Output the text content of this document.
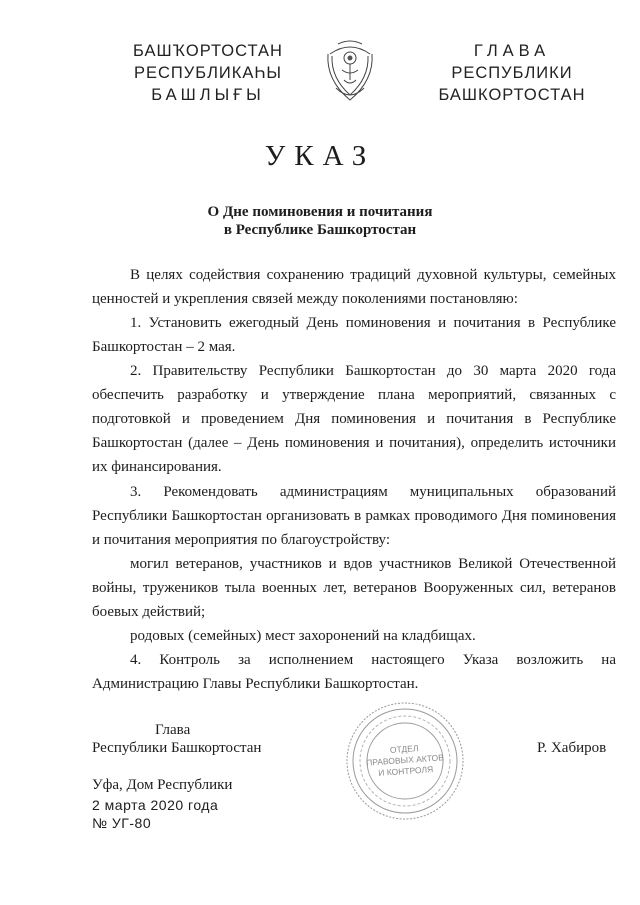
БАШҠОРТОСТАН
РЕСПУБЛИКАҺЫ
БАШЛЫҒЫ
ГЛАВА
РЕСПУБЛИКИ
БАШКОРТОСТАН
УКАЗ
О Дне поминовения и почитания
в Республике Башкортостан
В целях содействия сохранению традиций духовной культуры, семейных ценностей и укрепления связей между поколениями постановляю:
1. Установить ежегодный День поминовения и почитания в Республике Башкортостан – 2 мая.
2. Правительству Республики Башкортостан до 30 марта 2020 года обеспечить разработку и утверждение плана мероприятий, связанных с подготовкой и проведением Дня поминовения и почитания в Республике Башкортостан (далее – День поминовения и почитания), определить источники их финансирования.
3. Рекомендовать администрациям муниципальных образований Республики Башкортостан организовать в рамках проводимого Дня поминовения и почитания мероприятия по благоустройству:
могил ветеранов, участников и вдов участников Великой Отечественной войны, тружеников тыла военных лет, ветеранов Вооруженных сил, ветеранов боевых действий;
родовых (семейных) мест захоронений на кладбищах.
4. Контроль за исполнением настоящего Указа возложить на Администрацию Главы Республики Башкортостан.
Глава
Республики Башкортостан	Р. Хабиров
ОТДЕЛ
ПРАВОВЫХ АКТОВ
И КОНТРОЛЯ
Уфа, Дом Республики
2 марта 2020 года
№ УГ-80
